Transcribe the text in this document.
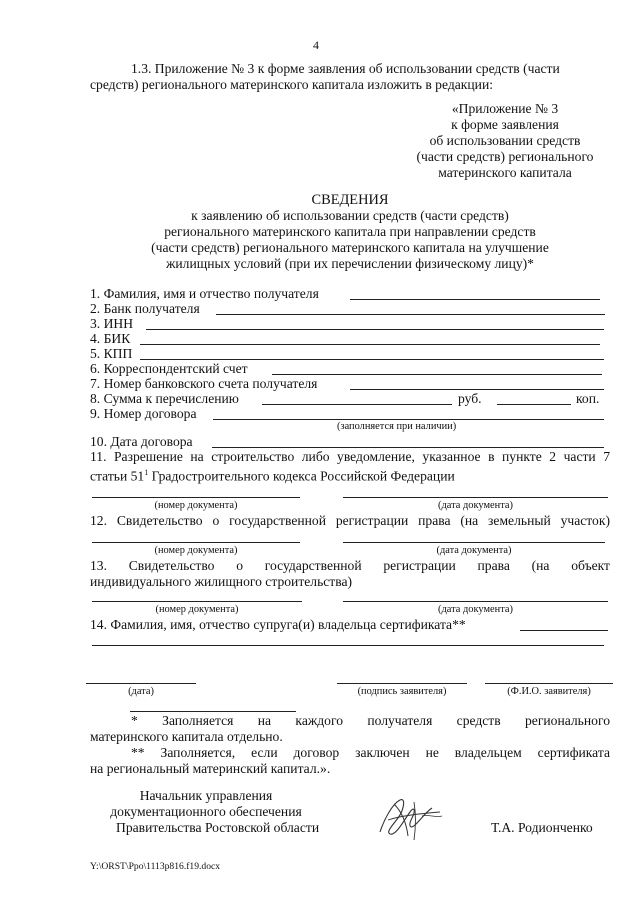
4
1.3. Приложение № 3 к форме заявления об использовании средств (части
средств) регионального материнского капитала изложить в редакции:
«Приложение № 3
к форме заявления
об использовании средств
(части средств) регионального
материнского капитала
СВЕДЕНИЯ
к заявлению об использовании средств (части средств)
регионального материнского капитала при направлении средств
(части средств) регионального материнского капитала на улучшение
жилищных условий (при их перечислении физическому лицу)*
1. Фамилия, имя и отчество получателя
2. Банк получателя
3. ИНН
4. БИК
5. КПП
6. Корреспондентский счет
7. Номер банковского счета получателя
8. Сумма к перечислению	руб.	коп.
9. Номер договора
(заполняется при наличии)
10. Дата договора
11. Разрешение на строительство либо уведомление, указанное в пункте 2 части 7
статьи $51^1$ Градостроительного кодекса Российской Федерации
(номер документа)	(дата документа)
12. Свидетельство о государственной регистрации права (на земельный участок)
(номер документа)	(дата документа)
13. Свидетельство о государственной регистрации права (на объект
индивидуального жилищного строительства)
(номер документа)	(дата документа)
14. Фамилия, имя, отчество супруга(и) владельца сертификата**
(дата)	(подпись заявителя)	(Ф.И.О. заявителя)
* Заполняется на каждого получателя средств регионального
материнского капитала отдельно.
** Заполняется, если договор заключен не владельцем сертификата
на региональный материнский капитал.».
Начальник управления
документационного обеспечения
Правительства Ростовской области	Т.А. Родионченко
Y:\ORST\Ppo\1113p816.f19.docx
